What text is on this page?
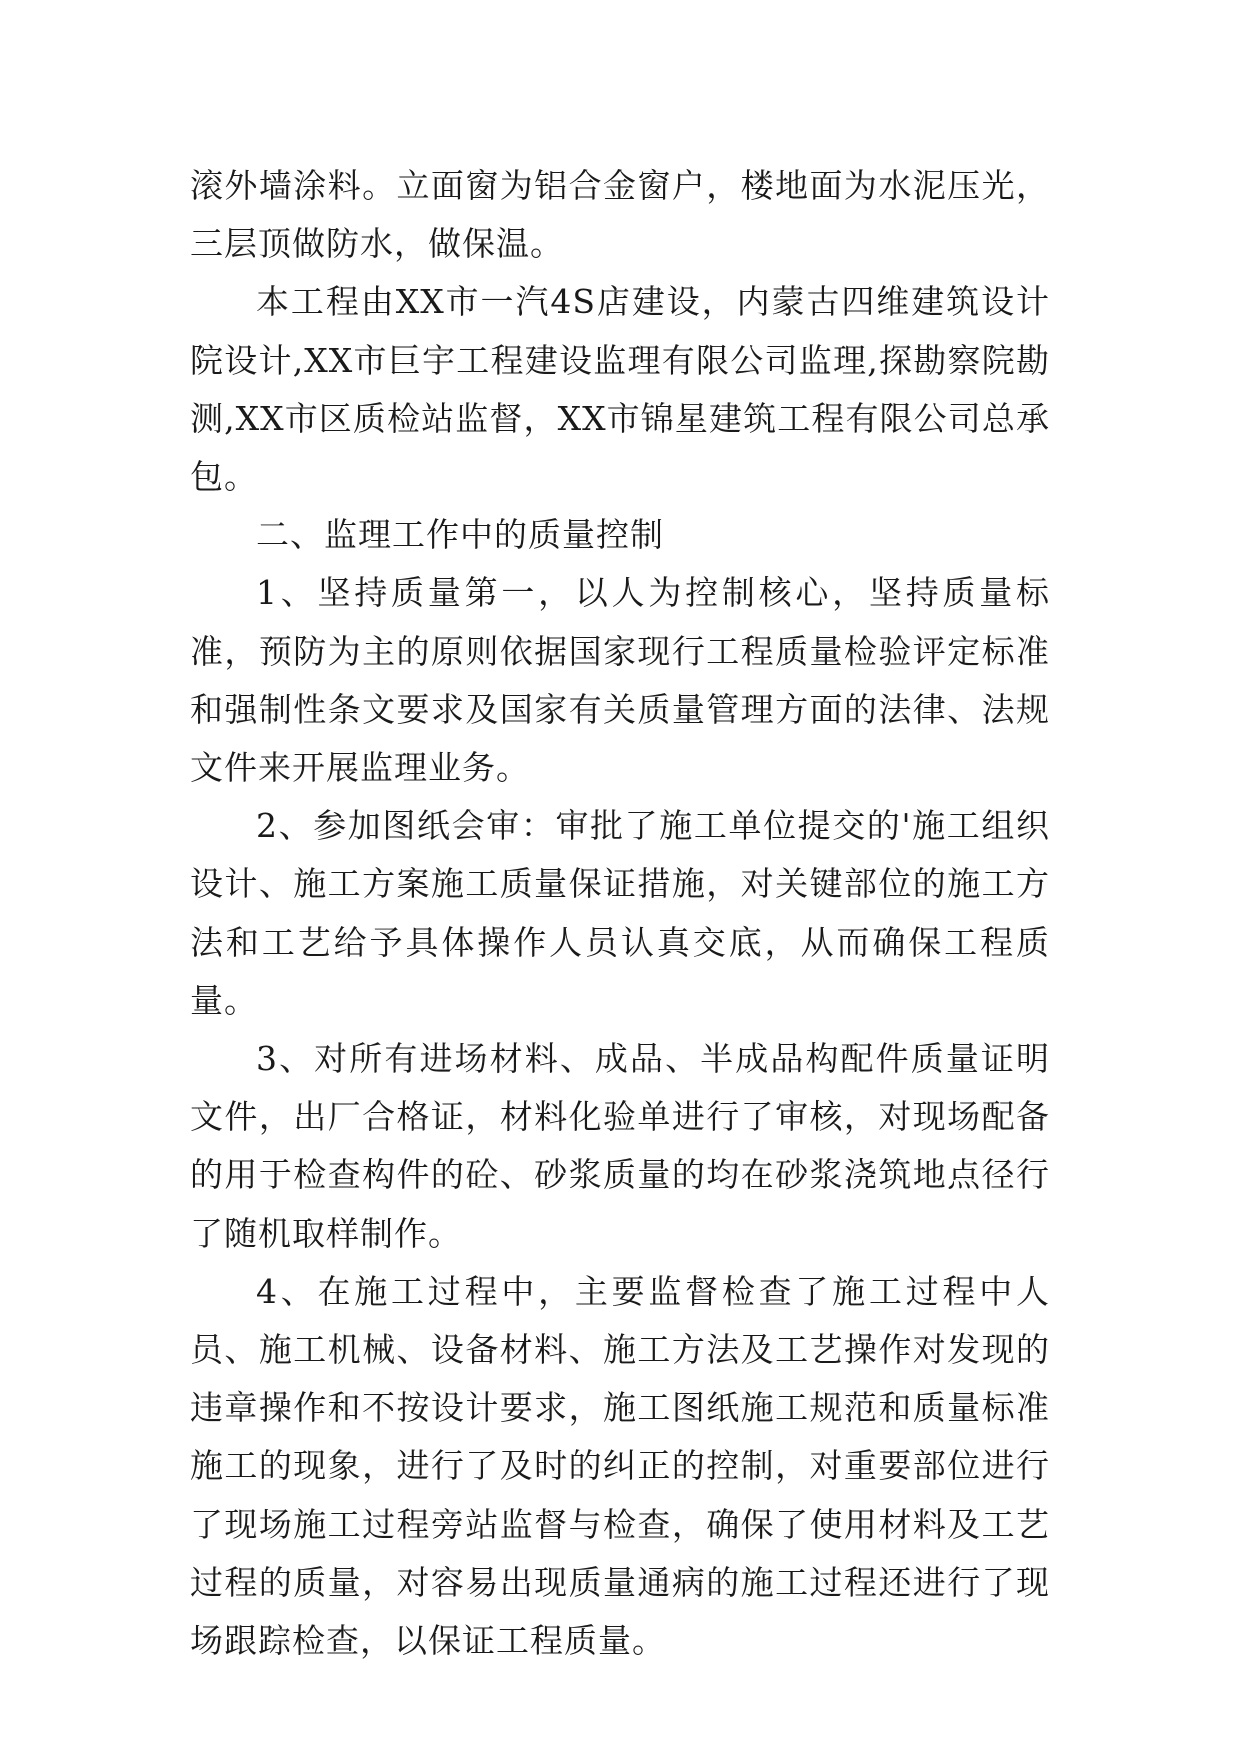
滚外墙涂料。立面窗为铝合金窗户，楼地面为水泥压光，三层顶做防水，做保温。

本工程由XX市一汽4S店建设，内蒙古四维建筑设计院设计,XX市巨宇工程建设监理有限公司监理,探勘察院勘测,XX市区质检站监督，XX市锦星建筑工程有限公司总承包。

二、监理工作中的质量控制

1、坚持质量第一，以人为控制核心，坚持质量标准，预防为主的原则依据国家现行工程质量检验评定标准和强制性条文要求及国家有关质量管理方面的法律、法规文件来开展监理业务。

2、参加图纸会审：审批了施工单位提交的'施工组织设计、施工方案施工质量保证措施，对关键部位的施工方法和工艺给予具体操作人员认真交底，从而确保工程质量。

3、对所有进场材料、成品、半成品构配件质量证明文件，出厂合格证，材料化验单进行了审核，对现场配备的用于检查构件的砼、砂浆质量的均在砂浆浇筑地点径行了随机取样制作。

4、在施工过程中，主要监督检查了施工过程中人员、施工机械、设备材料、施工方法及工艺操作对发现的违章操作和不按设计要求，施工图纸施工规范和质量标准施工的现象，进行了及时的纠正的控制，对重要部位进行了现场施工过程旁站监督与检查，确保了使用材料及工艺过程的质量，对容易出现质量通病的施工过程还进行了现场跟踪检查，以保证工程质量。
